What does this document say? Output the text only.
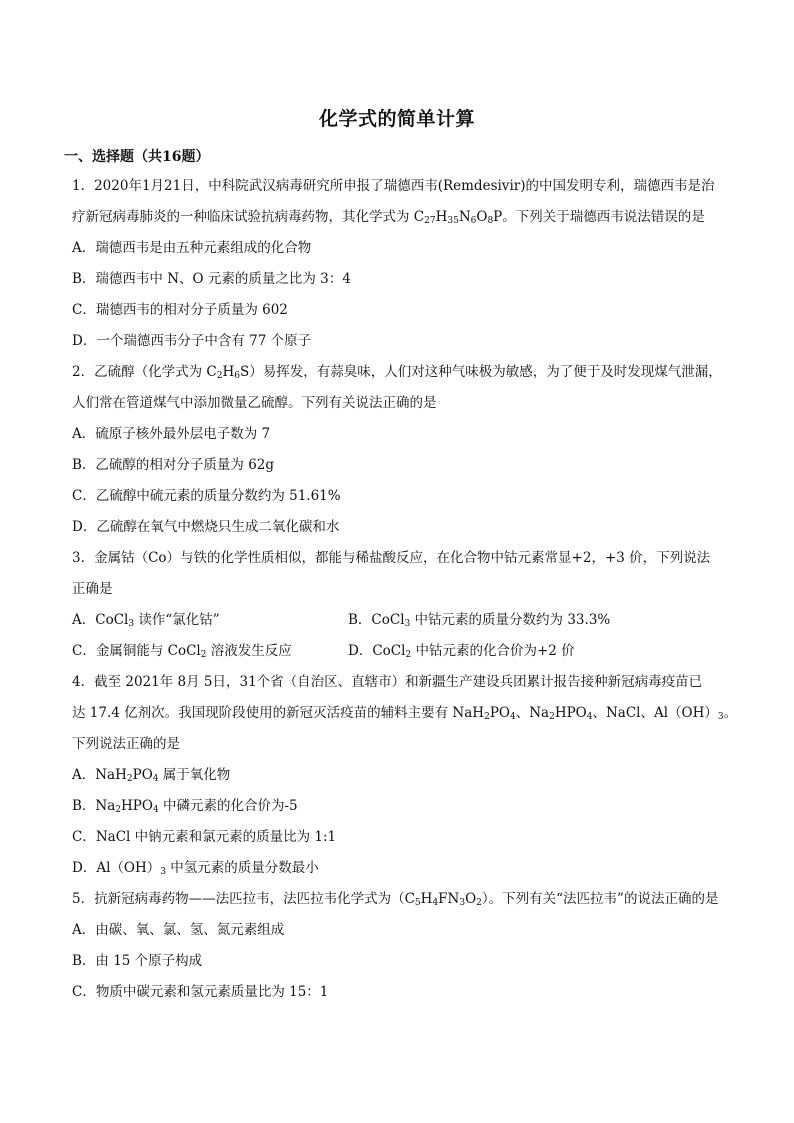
化学式的简单计算
一、选择题（共16题）
1．2020年1月21日，中科院武汉病毒研究所申报了瑞德西韦(Remdesivir)的中国发明专利，瑞德西韦是治
疗新冠病毒肺炎的一种临床试验抗病毒药物，其化学式为 $C_{27}H_{35}N_6O_8P$。下列关于瑞德西韦说法错误的是
A．瑞德西韦是由五种元素组成的化合物
B．瑞德西韦中 N、O 元素的质量之比为 3：4
C．瑞德西韦的相对分子质量为 602
D．一个瑞德西韦分子中含有 77 个原子
2．乙硫醇（化学式为 $C_2H_6S$）易挥发，有蒜臭味，人们对这种气味极为敏感，为了便于及时发现煤气泄漏，
人们常在管道煤气中添加微量乙硫醇。下列有关说法正确的是
A．硫原子核外最外层电子数为 7
B．乙硫醇的相对分子质量为 62g
C．乙硫醇中硫元素的质量分数约为 51.61%
D．乙硫醇在氧气中燃烧只生成二氧化碳和水
3．金属钴（Co）与铁的化学性质相似，都能与稀盐酸反应，在化合物中钴元素常显+2，+3 价，下列说法
正确是
A．CoCl$_3$ 读作“氯化钴”	B．CoCl$_3$ 中钴元素的质量分数约为 33.3%
C．金属铜能与 CoCl$_2$ 溶液发生反应	D．CoCl$_2$ 中钴元素的化合价为+2 价
4．截至 2021年 8月 5日，31个省（自治区、直辖市）和新疆生产建设兵团累计报告接种新冠病毒疫苗已
达 17.4 亿剂次。我国现阶段使用的新冠灭活疫苗的辅料主要有 $NaH_2PO_4$、$Na_2HPO_4$、NaCl、$Al(OH)_3$。
下列说法正确的是
A．$NaH_2PO_4$ 属于氧化物
B．$Na_2HPO_4$ 中磷元素的化合价为-5
C．NaCl 中钠元素和氯元素的质量比为 1:1
D．$Al(OH)_3$ 中氢元素的质量分数最小
5．抗新冠病毒药物——法匹拉韦，法匹拉韦化学式为$(C_5H_4FN_3O_2)$。下列有关“法匹拉韦”的说法正确的是
A．由碳、氧、氯、氢、氮元素组成
B．由 15 个原子构成
C．物质中碳元素和氢元素质量比为 15：1
